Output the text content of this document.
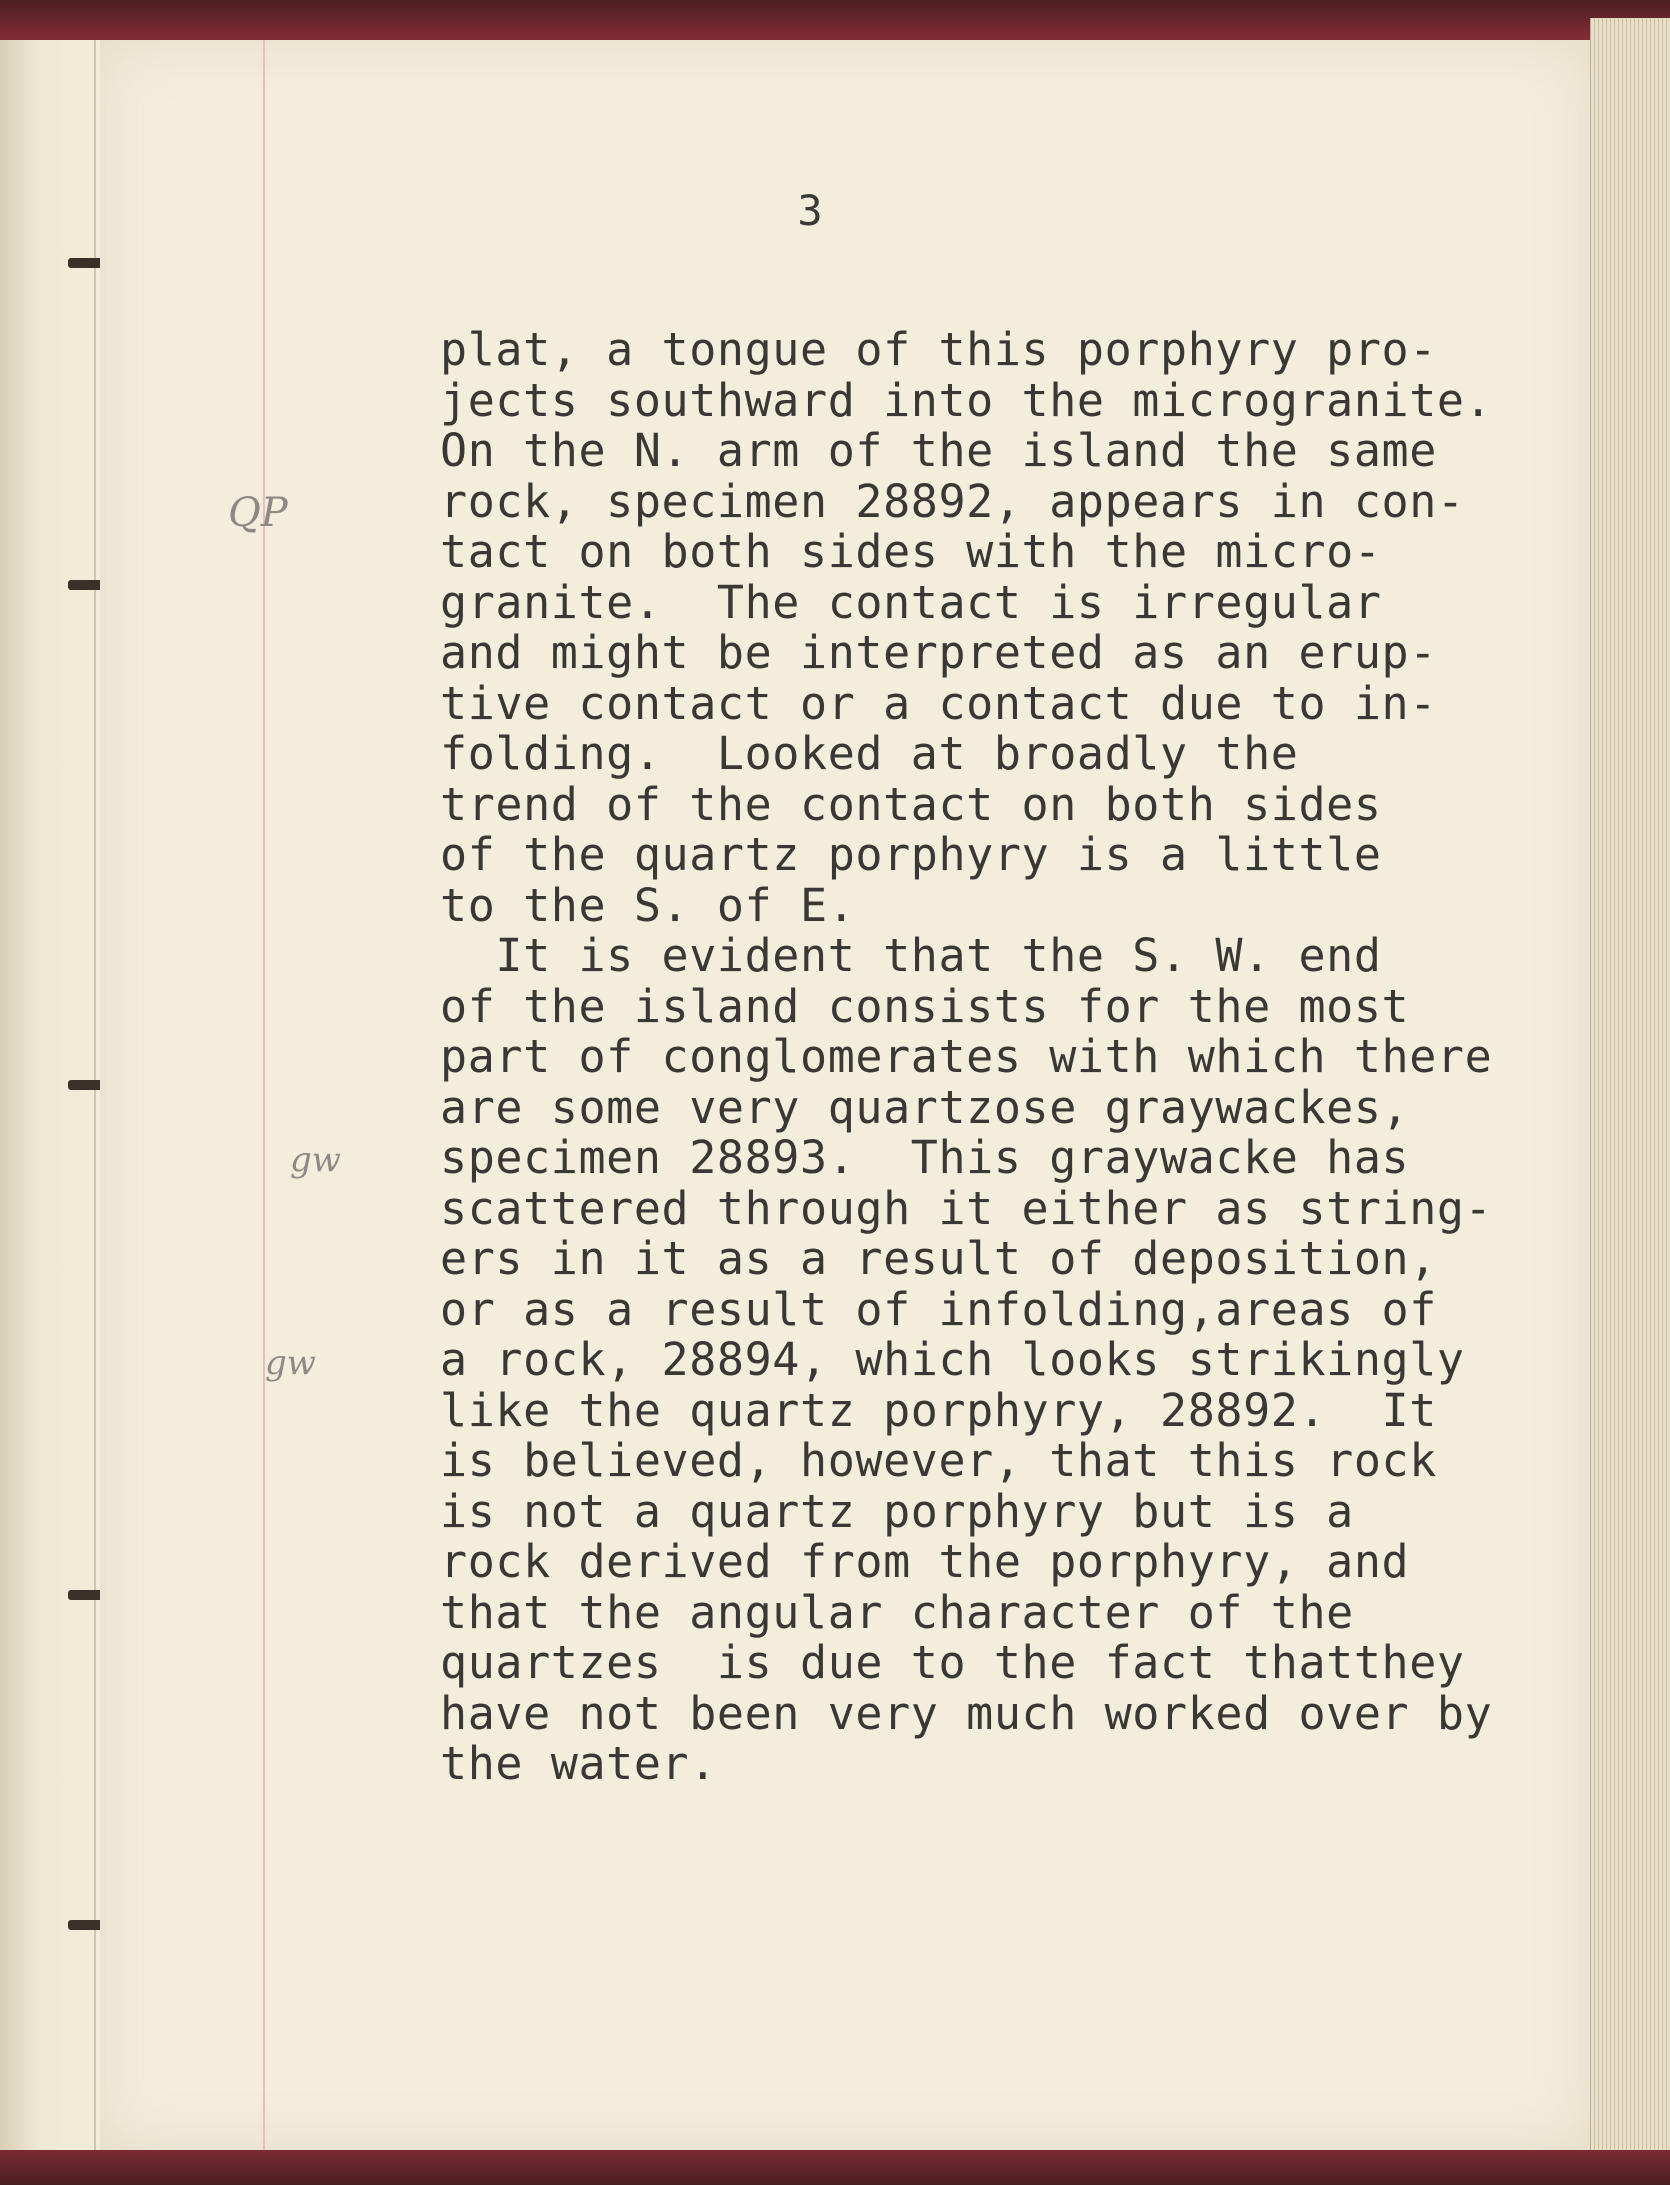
3
QP
gw
gw
plat, a tongue of this porphyry pro-
jects southward into the microgranite.
On the N. arm of the island the same
rock, specimen 28892, appears in con-
tact on both sides with the micro-
granite.  The contact is irregular
and might be interpreted as an erup-
tive contact or a contact due to in-
folding.  Looked at broadly the
trend of the contact on both sides
of the quartz porphyry is a little
to the S. of E.
It is evident that the S. W. end
of the island consists for the most
part of conglomerates with which there
are some very quartzose graywackes,
specimen 28893.  This graywacke has
scattered through it either as string-
ers in it as a result of deposition,
or as a result of infolding,areas of
a rock, 28894, which looks strikingly
like the quartz porphyry, 28892.  It
is believed, however, that this rock
is not a quartz porphyry but is a
rock derived from the porphyry, and
that the angular character of the
quartzes  is due to the fact thatthey
have not been very much worked over by
the water.
